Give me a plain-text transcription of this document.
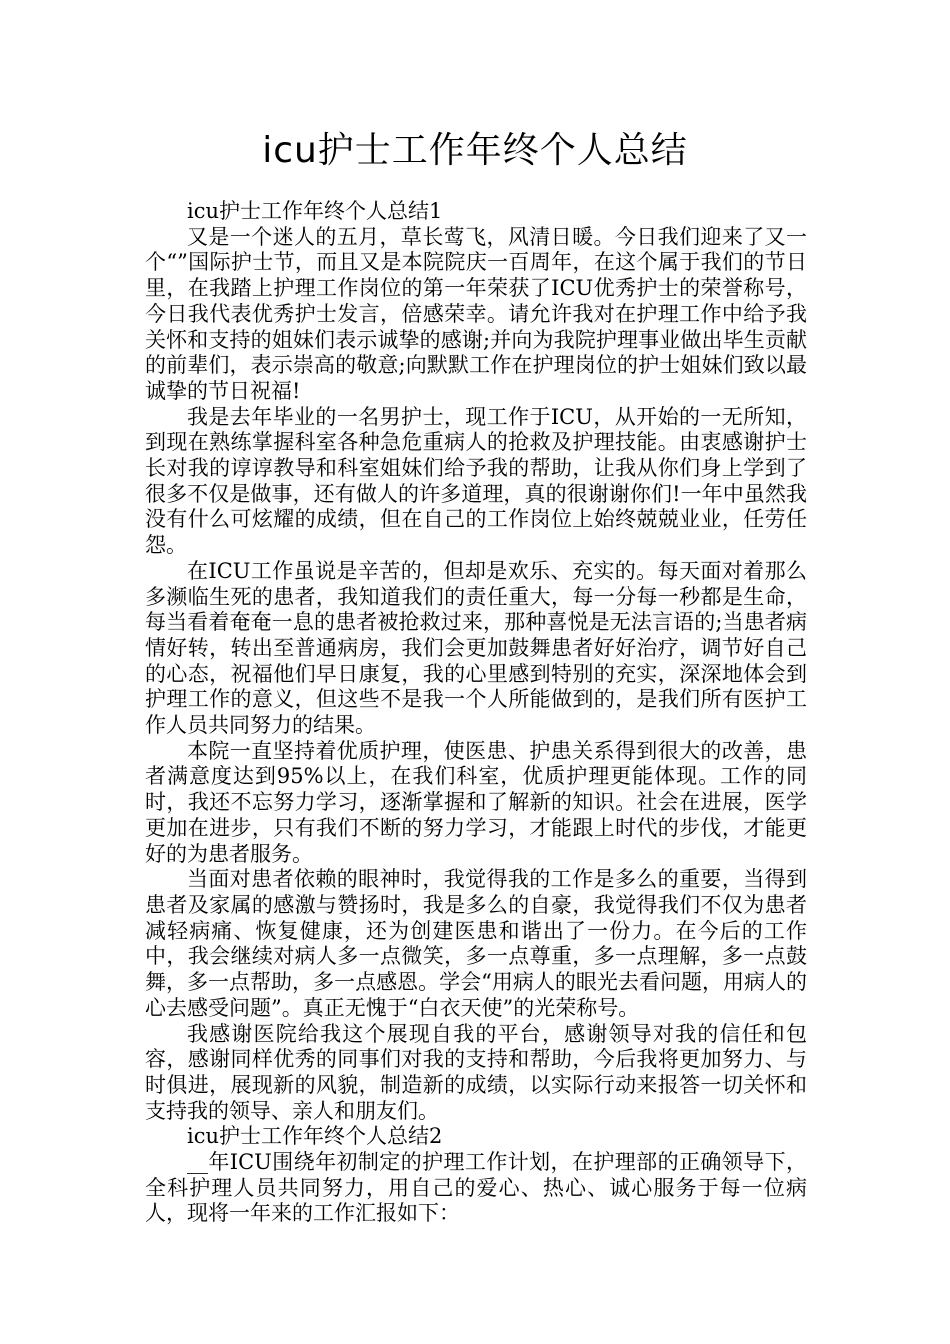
icu护士工作年终个人总结

icu护士工作年终个人总结1

又是一个迷人的五月，草长莺飞，风清日暖。今日我们迎来了又一个“”国际护士节，而且又是本院院庆一百周年，在这个属于我们的节日里，在我踏上护理工作岗位的第一年荣获了ICU优秀护士的荣誉称号，今日我代表优秀护士发言，倍感荣幸。请允许我对在护理工作中给予我关怀和支持的姐妹们表示诚挚的感谢;并向为我院护理事业做出毕生贡献的前辈们，表示崇高的敬意;向默默工作在护理岗位的护士姐妹们致以最诚挚的节日祝福!

我是去年毕业的一名男护士，现工作于ICU，从开始的一无所知，到现在熟练掌握科室各种急危重病人的抢救及护理技能。由衷感谢护士长对我的谆谆教导和科室姐妹们给予我的帮助，让我从你们身上学到了很多不仅是做事，还有做人的许多道理，真的很谢谢你们!一年中虽然我没有什么可炫耀的成绩，但在自己的工作岗位上始终兢兢业业，任劳任怨。

在ICU工作虽说是辛苦的，但却是欢乐、充实的。每天面对着那么多濒临生死的患者，我知道我们的责任重大，每一分每一秒都是生命，每当看着奄奄一息的患者被抢救过来，那种喜悦是无法言语的;当患者病情好转，转出至普通病房，我们会更加鼓舞患者好好治疗，调节好自己的心态，祝福他们早日康复，我的心里感到特别的充实，深深地体会到护理工作的意义，但这些不是我一个人所能做到的，是我们所有医护工作人员共同努力的结果。

本院一直坚持着优质护理，使医患、护患关系得到很大的改善，患者满意度达到95%以上，在我们科室，优质护理更能体现。工作的同时，我还不忘努力学习，逐渐掌握和了解新的知识。社会在进展，医学更加在进步，只有我们不断的努力学习，才能跟上时代的步伐，才能更好的为患者服务。

当面对患者依赖的眼神时，我觉得我的工作是多么的重要，当得到患者及家属的感激与赞扬时，我是多么的自豪，我觉得我们不仅为患者减轻病痛、恢复健康，还为创建医患和谐出了一份力。在今后的工作中，我会继续对病人多一点微笑，多一点尊重，多一点理解，多一点鼓舞，多一点帮助，多一点感恩。学会“用病人的眼光去看问题，用病人的心去感受问题”。真正无愧于“白衣天使”的光荣称号。

我感谢医院给我这个展现自我的平台，感谢领导对我的信任和包容，感谢同样优秀的同事们对我的支持和帮助，今后我将更加努力、与时俱进，展现新的风貌，制造新的成绩，以实际行动来报答一切关怀和支持我的领导、亲人和朋友们。

icu护士工作年终个人总结2

__年ICU围绕年初制定的护理工作计划，在护理部的正确领导下，全科护理人员共同努力，用自己的爱心、热心、诚心服务于每一位病人，现将一年来的工作汇报如下：
